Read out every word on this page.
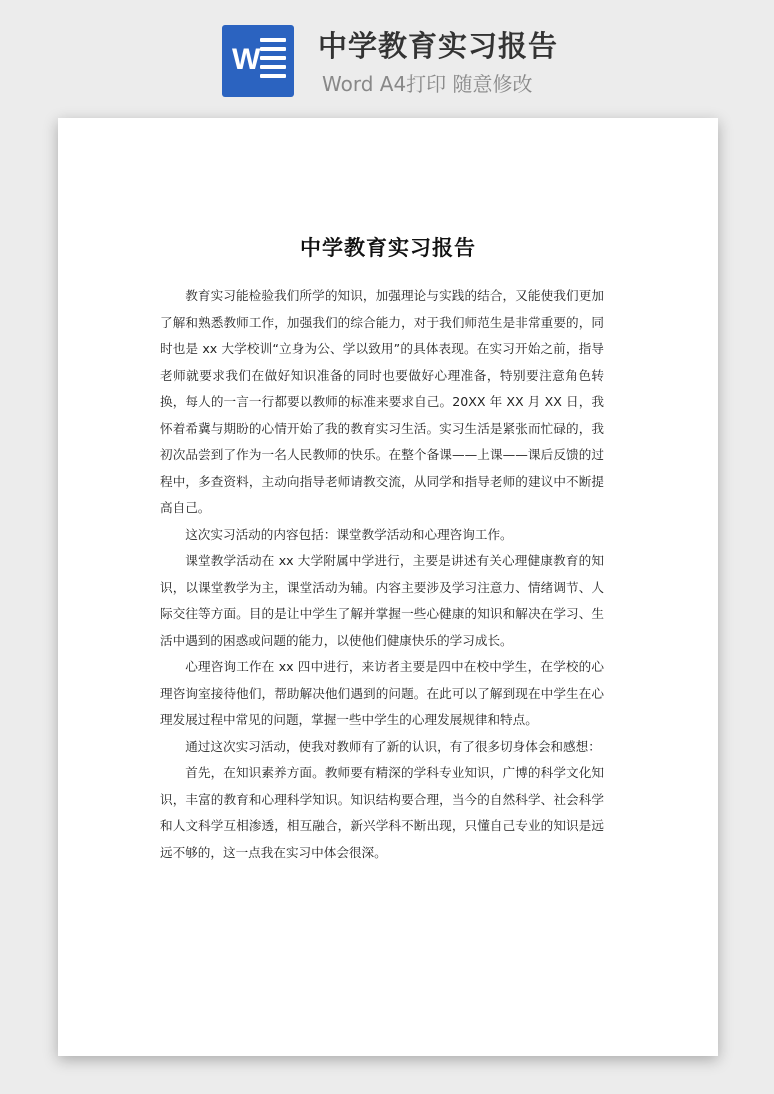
W 中学教育实习报告
Word A4打印 随意修改
中学教育实习报告

教育实习能检验我们所学的知识，加强理论与实践的结合，又能使我们更加了解和熟悉教师工作，加强我们的综合能力，对于我们师范生是非常重要的，同时也是 xx 大学校训“立身为公、学以致用”的具体表现。在实习开始之前，指导老师就要求我们在做好知识准备的同时也要做好心理准备，特别要注意角色转换，每人的一言一行都要以教师的标准来要求自己。20XX 年 XX 月 XX 日，我怀着希冀与期盼的心情开始了我的教育实习生活。实习生活是紧张而忙碌的，我初次品尝到了作为一名人民教师的快乐。在整个备课——上课——课后反馈的过程中，多查资料，主动向指导老师请教交流，从同学和指导老师的建议中不断提高自己。

这次实习活动的内容包括：课堂教学活动和心理咨询工作。

课堂教学活动在 xx 大学附属中学进行，主要是讲述有关心理健康教育的知识，以课堂教学为主，课堂活动为辅。内容主要涉及学习注意力、情绪调节、人际交往等方面。目的是让中学生了解并掌握一些心健康的知识和解决在学习、生活中遇到的困惑或问题的能力，以使他们健康快乐的学习成长。

心理咨询工作在 xx 四中进行，来访者主要是四中在校中学生，在学校的心理咨询室接待他们，帮助解决他们遇到的问题。在此可以了解到现在中学生在心理发展过程中常见的问题，掌握一些中学生的心理发展规律和特点。

通过这次实习活动，使我对教师有了新的认识，有了很多切身体会和感想：

首先，在知识素养方面。教师要有精深的学科专业知识，广博的科学文化知识，丰富的教育和心理科学知识。知识结构要合理，当今的自然科学、社会科学和人文科学互相渗透，相互融合，新兴学科不断出现，只懂自己专业的知识是远远不够的，这一点我在实习中体会很深。
